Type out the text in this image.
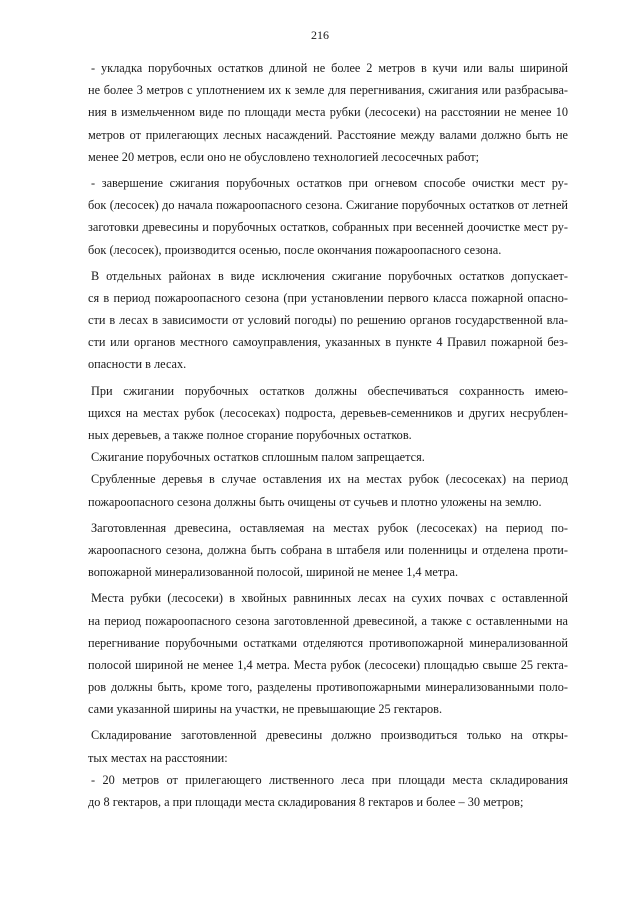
216
- укладка порубочных остатков длиной не более 2 метров в кучи или валы шириной
не более 3 метров с уплотнением их к земле для перегнивания, сжигания или разбрасыва-
ния в измельченном виде по площади места рубки (лесосеки) на расстоянии не менее 10
метров от прилегающих лесных насаждений. Расстояние между валами должно быть не
менее 20 метров, если оно не обусловлено технологией лесосечных работ;
- завершение сжигания порубочных остатков при огневом способе очистки мест ру-
бок (лесосек) до начала пожароопасного сезона. Сжигание порубочных остатков от летней
заготовки древесины и порубочных остатков, собранных при весенней доочистке мест ру-
бок (лесосек), производится осенью, после окончания пожароопасного сезона.
В отдельных районах в виде исключения сжигание порубочных остатков допускает-
ся в период пожароопасного сезона (при установлении первого класса пожарной опасно-
сти в лесах в зависимости от условий погоды) по решению органов государственной вла-
сти или органов местного самоуправления, указанных в пункте 4 Правил пожарной без-
опасности в лесах.
При сжигании порубочных остатков должны обеспечиваться сохранность имею-
щихся на местах рубок (лесосеках) подроста, деревьев-семенников и других несрублен-
ных деревьев, а также полное сгорание порубочных остатков.
Сжигание порубочных остатков сплошным палом запрещается.
Срубленные деревья в случае оставления их на местах рубок (лесосеках) на период
пожароопасного сезона должны быть очищены от сучьев и плотно уложены на землю.
Заготовленная древесина, оставляемая на местах рубок (лесосеках) на период по-
жароопасного сезона, должна быть собрана в штабеля или поленницы и отделена проти-
вопожарной минерализованной полосой, шириной не менее 1,4 метра.
Места рубки (лесосеки) в хвойных равнинных лесах на сухих почвах с оставленной
на период пожароопасного сезона заготовленной древесиной, а также с оставленными на
перегнивание порубочными остатками отделяются противопожарной минерализованной
полосой шириной не менее 1,4 метра. Места рубок (лесосеки) площадью свыше 25 гекта-
ров должны быть, кроме того, разделены противопожарными минерализованными поло-
сами указанной ширины на участки, не превышающие 25 гектаров.
Складирование заготовленной древесины должно производиться только на откры-
тых местах на расстоянии:
- 20 метров от прилегающего лиственного леса при площади места складирования
до 8 гектаров, а при площади места складирования 8 гектаров и более – 30 метров;
